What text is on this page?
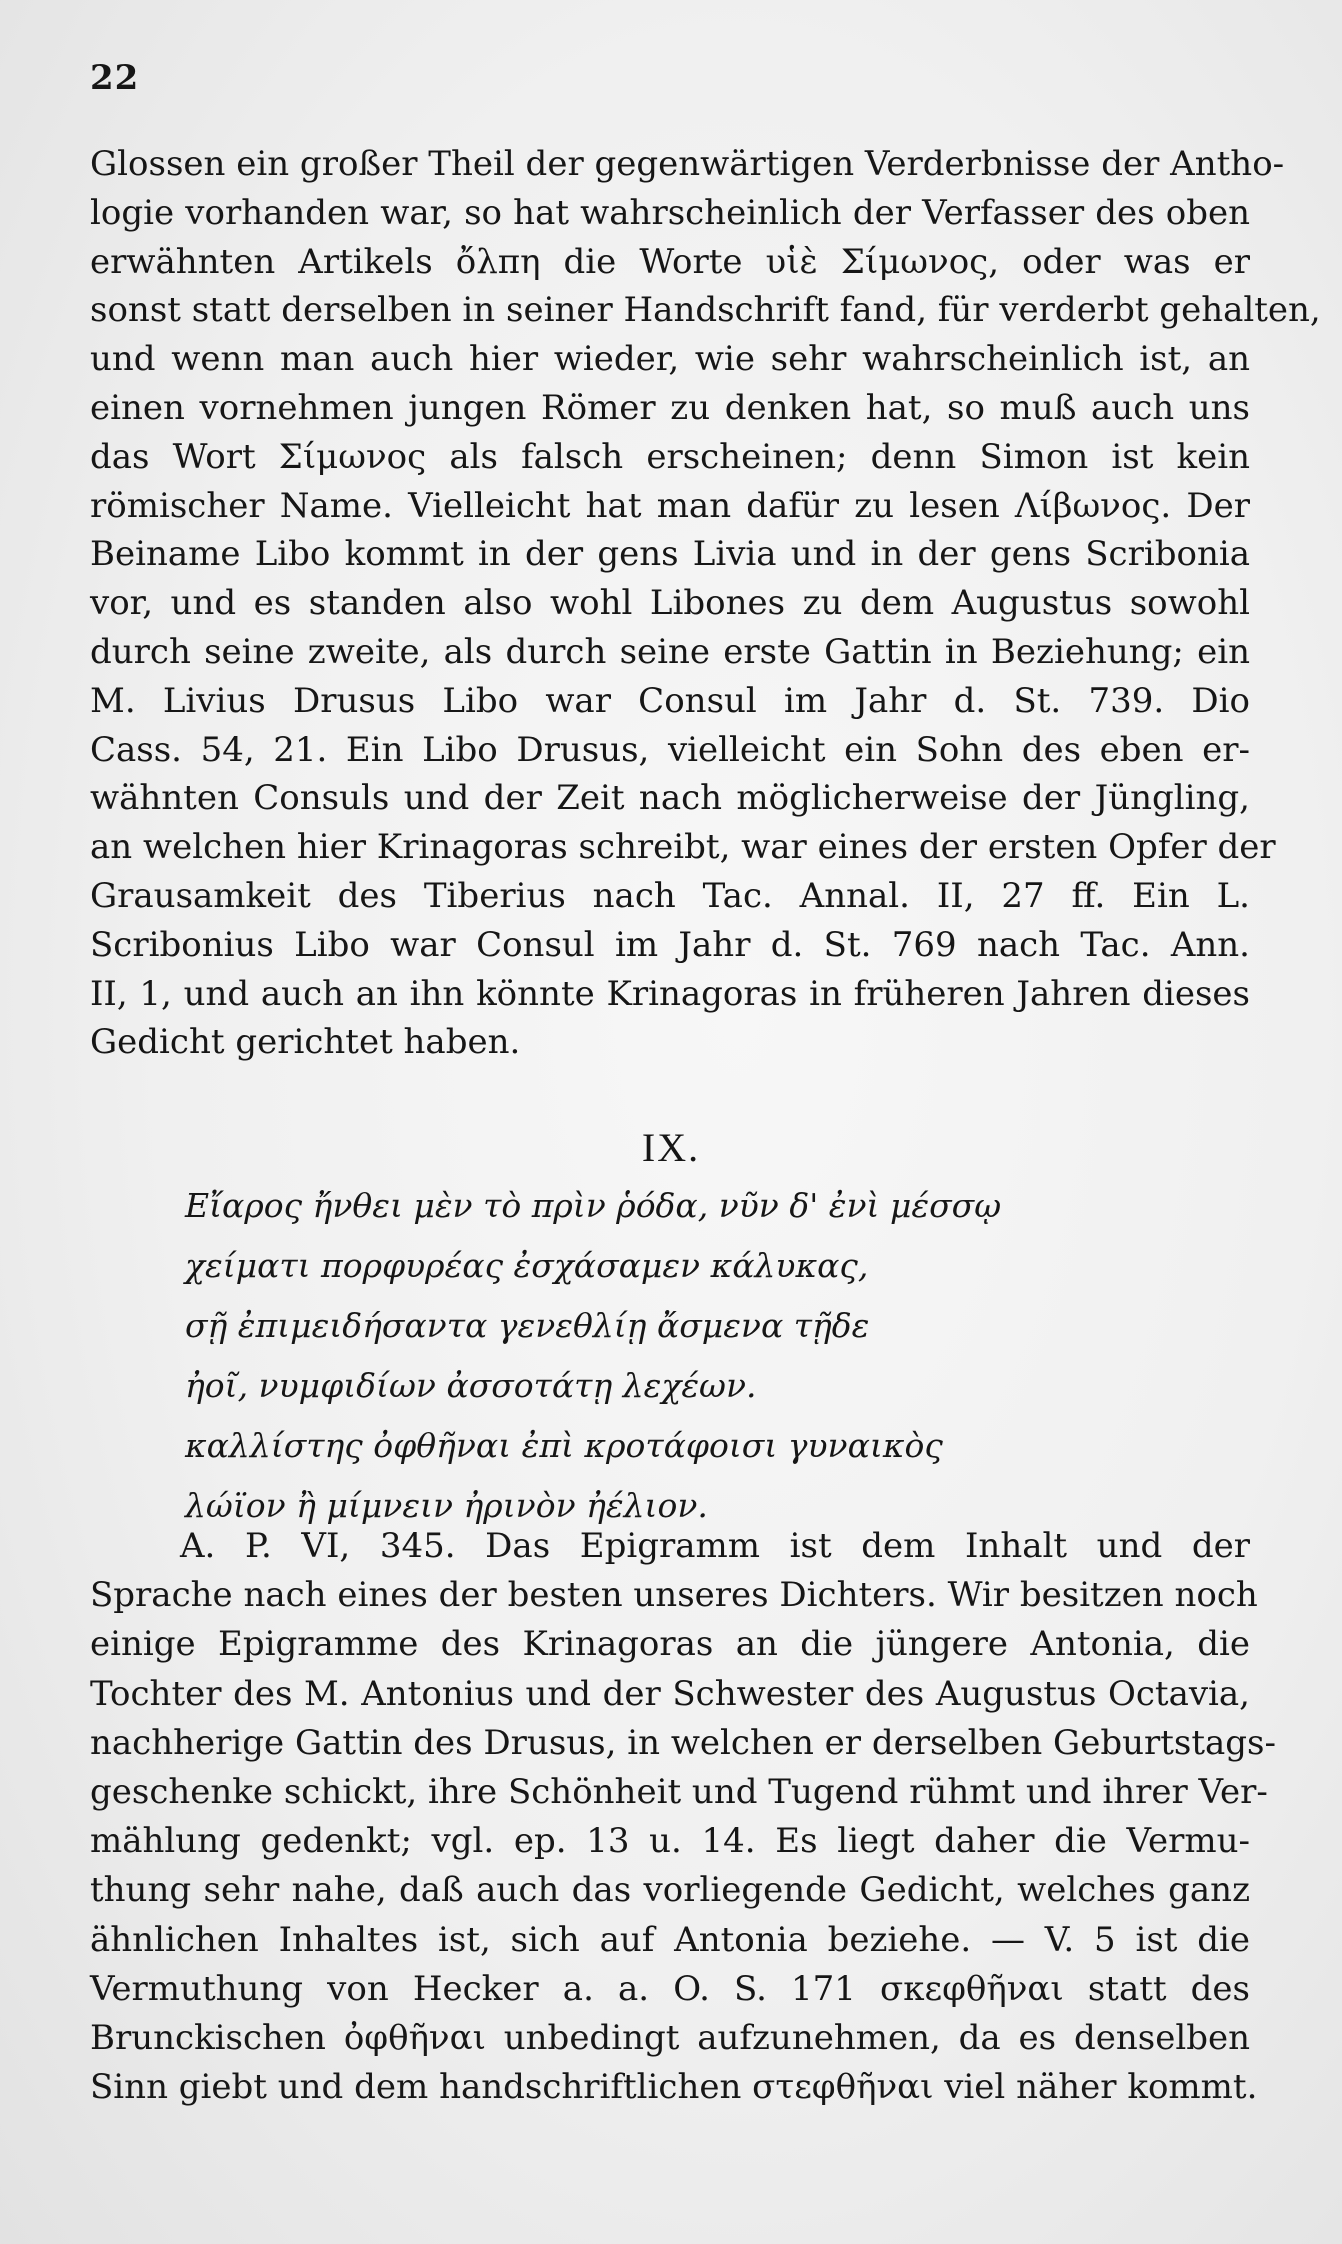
22
Glossen ein großer Theil der gegenwärtigen Verderbnisse der Antho-
logie vorhanden war, so hat wahrscheinlich der Verfasser des oben
erwähnten Artikels ὄλπη die Worte υἱὲ Σίμωνος, oder was er
sonst statt derselben in seiner Handschrift fand, für verderbt gehalten,
und wenn man auch hier wieder, wie sehr wahrscheinlich ist, an
einen vornehmen jungen Römer zu denken hat, so muß auch uns
das Wort Σίμωνος als falsch erscheinen; denn Simon ist kein
römischer Name. Vielleicht hat man dafür zu lesen Λίβωνος. Der
Beiname Libo kommt in der gens Livia und in der gens Scribonia
vor, und es standen also wohl Libones zu dem Augustus sowohl
durch seine zweite, als durch seine erste Gattin in Beziehung; ein
M. Livius Drusus Libo war Consul im Jahr d. St. 739. Dio
Cass. 54, 21. Ein Libo Drusus, vielleicht ein Sohn des eben er-
wähnten Consuls und der Zeit nach möglicherweise der Jüngling,
an welchen hier Krinagoras schreibt, war eines der ersten Opfer der
Grausamkeit des Tiberius nach Tac. Annal. II, 27 ff. Ein L.
Scribonius Libo war Consul im Jahr d. St. 769 nach Tac. Ann.
II, 1, und auch an ihn könnte Krinagoras in früheren Jahren dieses
Gedicht gerichtet haben.
IX.
Εἴαρος ἤνθει μὲν τὸ πρὶν ῥόδα, νῦν δ' ἐνὶ μέσσῳ
χείματι πορφυρέας ἐσχάσαμεν κάλυκας,
σῇ ἐπιμειδήσαντα γενεθλίῃ ἄσμενα τῇδε
ἠοῖ, νυμφιδίων ἀσσοτάτῃ λεχέων.
καλλίστης ὀφθῆναι ἐπὶ κροτάφοισι γυναικὸς
λώϊον ἢ μίμνειν ἠρινὸν ἠέλιον.
A. P. VI, 345. Das Epigramm ist dem Inhalt und der
Sprache nach eines der besten unseres Dichters. Wir besitzen noch
einige Epigramme des Krinagoras an die jüngere Antonia, die
Tochter des M. Antonius und der Schwester des Augustus Octavia,
nachherige Gattin des Drusus, in welchen er derselben Geburtstags-
geschenke schickt, ihre Schönheit und Tugend rühmt und ihrer Ver-
mählung gedenkt; vgl. ep. 13 u. 14. Es liegt daher die Vermu-
thung sehr nahe, daß auch das vorliegende Gedicht, welches ganz
ähnlichen Inhaltes ist, sich auf Antonia beziehe. — V. 5 ist die
Vermuthung von Hecker a. a. O. S. 171 σκεφθῆναι statt des
Brunckischen ὀφθῆναι unbedingt aufzunehmen, da es denselben
Sinn giebt und dem handschriftlichen στεφθῆναι viel näher kommt.
